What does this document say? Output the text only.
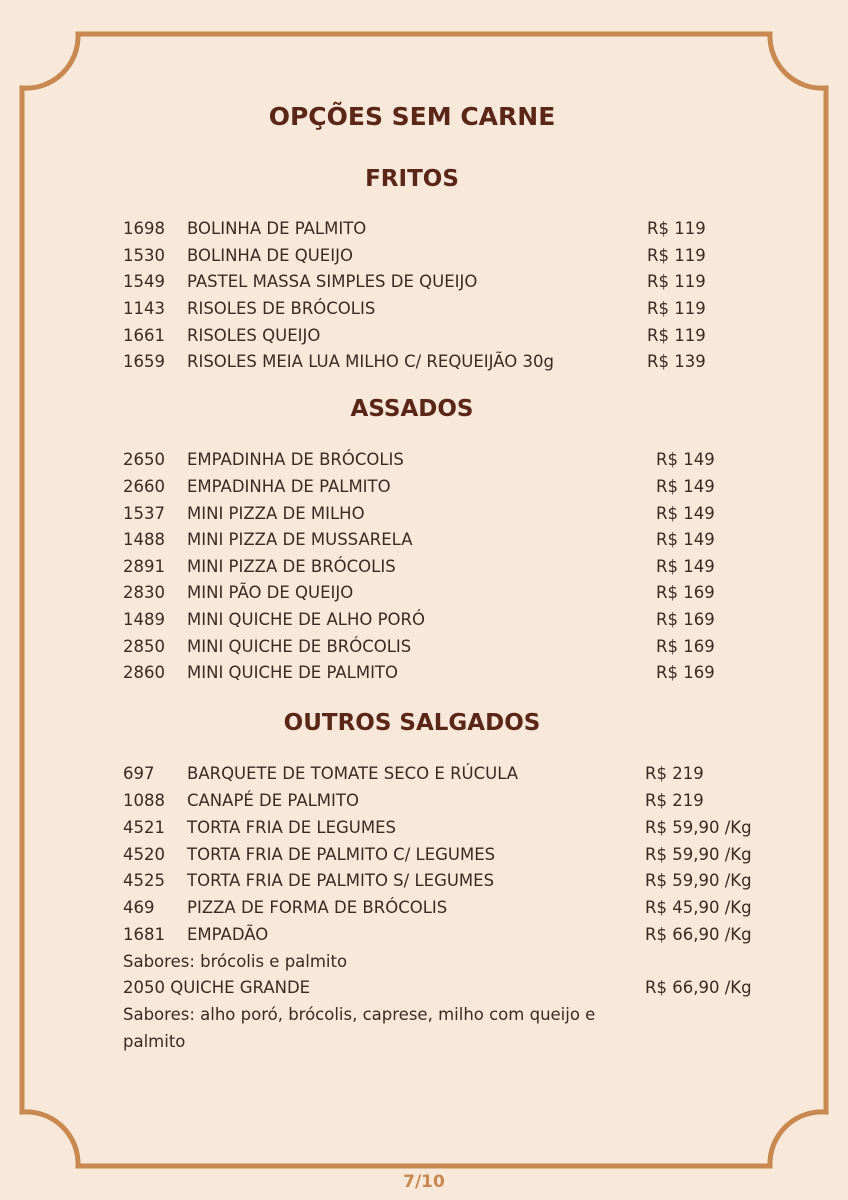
OPÇÕES SEM CARNE
FRITOS
1698 BOLINHA DE PALMITO	R$ 119
1530 BOLINHA DE QUEIJO	R$ 119
1549 PASTEL MASSA SIMPLES DE QUEIJO	R$ 119
1143 RISOLES DE BRÓCOLIS	R$ 119
1661 RISOLES QUEIJO	R$ 119
1659 RISOLES MEIA LUA MILHO C/ REQUEIJÃO 30g	R$ 139
ASSADOS
2650 EMPADINHA DE BRÓCOLIS	R$ 149
2660 EMPADINHA DE PALMITO	R$ 149
1537 MINI PIZZA DE MILHO	R$ 149
1488 MINI PIZZA DE MUSSARELA	R$ 149
2891 MINI PIZZA DE BRÓCOLIS	R$ 149
2830 MINI PÃO DE QUEIJO	R$ 169
1489 MINI QUICHE DE ALHO PORÓ	R$ 169
2850 MINI QUICHE DE BRÓCOLIS	R$ 169
2860 MINI QUICHE DE PALMITO	R$ 169
OUTROS SALGADOS
697 BARQUETE DE TOMATE SECO E RÚCULA	R$ 219
1088 CANAPÉ DE PALMITO	R$ 219
4521 TORTA FRIA DE LEGUMES	R$ 59,90 /Kg
4520 TORTA FRIA DE PALMITO C/ LEGUMES	R$ 59,90 /Kg
4525 TORTA FRIA DE PALMITO S/ LEGUMES	R$ 59,90 /Kg
469 PIZZA DE FORMA DE BRÓCOLIS	R$ 45,90 /Kg
1681 EMPADÃO	R$ 66,90 /Kg
Sabores: brócolis e palmito
2050 QUICHE GRANDE	R$ 66,90 /Kg
Sabores: alho poró, brócolis, caprese, milho com queijo e palmito
7/10
